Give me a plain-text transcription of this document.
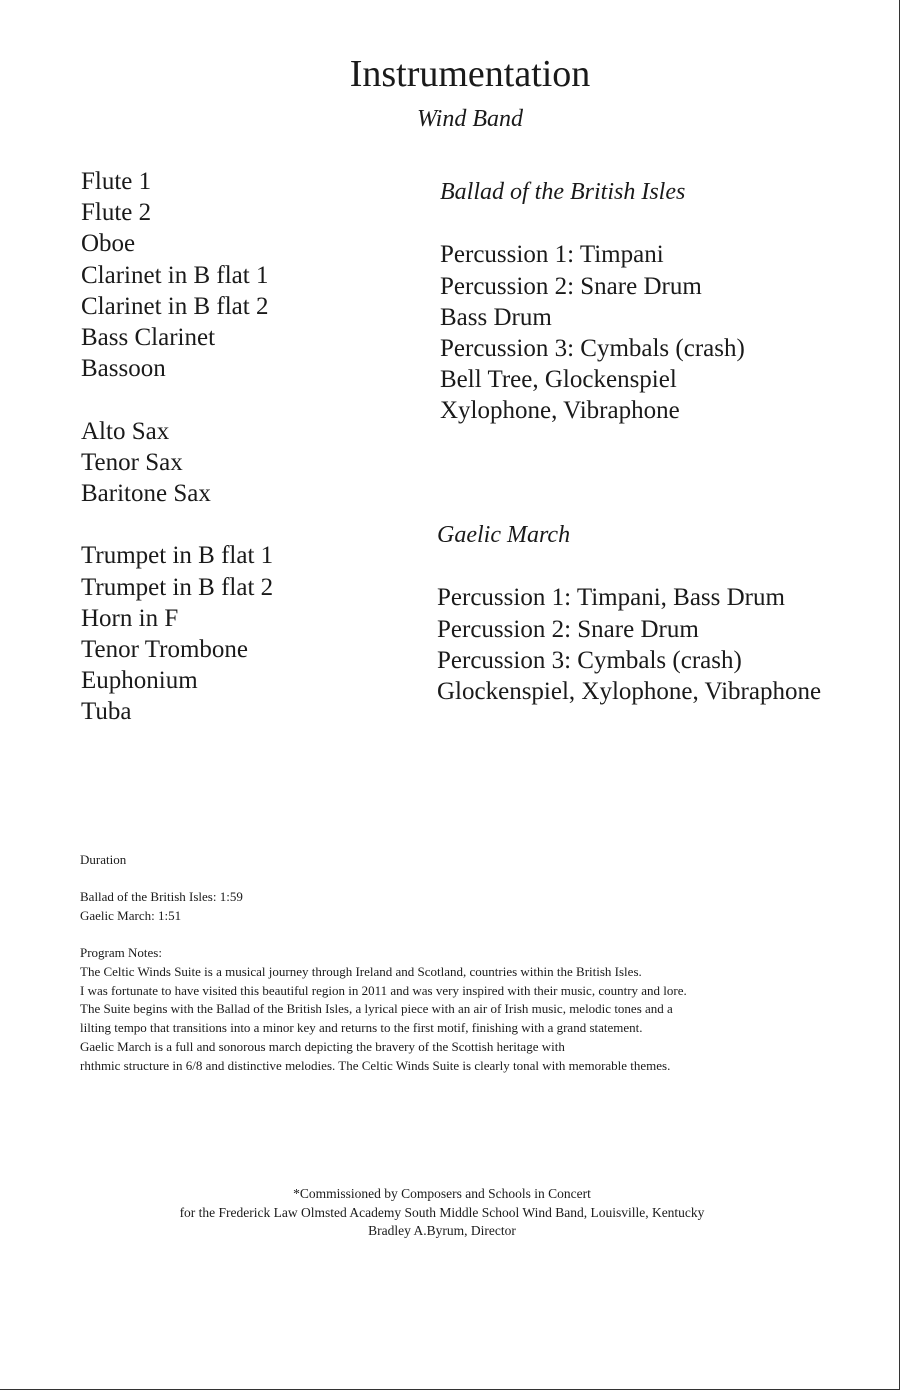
Instrumentation
Wind Band
Flute 1
Flute 2
Oboe
Clarinet in B flat 1
Clarinet in B flat 2
Bass Clarinet
Bassoon
Alto Sax
Tenor Sax
Baritone Sax
Trumpet in B flat 1
Trumpet in B flat 2
Horn in F
Tenor Trombone
Euphonium
Tuba
Ballad of the British Isles
Percussion 1: Timpani
Percussion 2: Snare Drum
Bass Drum
Percussion 3: Cymbals (crash)
Bell Tree, Glockenspiel
Xylophone, Vibraphone
Gaelic March
Percussion 1: Timpani, Bass Drum
Percussion 2: Snare Drum
Percussion 3: Cymbals (crash)
Glockenspiel, Xylophone, Vibraphone
Duration
Ballad of the British Isles: 1:59
Gaelic March: 1:51
Program Notes:
The Celtic Winds Suite is a musical journey through Ireland and Scotland, countries within the British Isles.
I was fortunate to have visited this beautiful region in 2011 and was very inspired with their music, country and lore.
The Suite begins with the Ballad of the British Isles, a lyrical piece with an air of Irish music, melodic tones and a
lilting tempo that transitions into a minor key and returns to the first motif, finishing with a grand statement.
Gaelic March is a full and sonorous march depicting the bravery of the Scottish heritage with
rhthmic structure in 6/8 and distinctive melodies. The Celtic Winds Suite is clearly tonal with memorable themes.
*Commissioned by Composers and Schools in Concert
for the Frederick Law Olmsted Academy South Middle School Wind Band, Louisville, Kentucky
Bradley A.Byrum, Director
